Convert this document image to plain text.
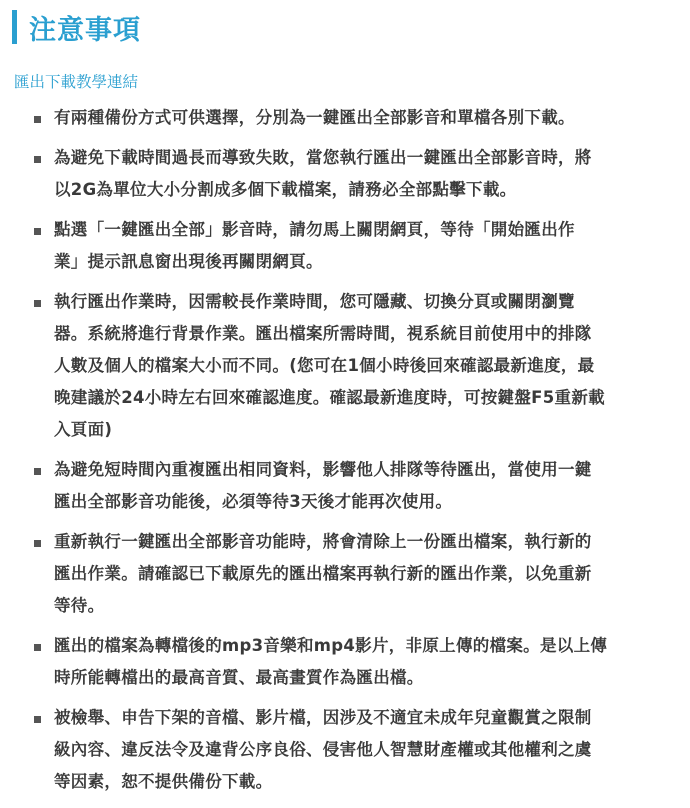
注意事項
匯出下載教學連結
有兩種備份方式可供選擇，分別為一鍵匯出全部影音和單檔各別下載。
為避免下載時間過長而導致失敗，當您執行匯出一鍵匯出全部影音時，將
以2G為單位大小分割成多個下載檔案，請務必全部點擊下載。
點選「一鍵匯出全部」影音時，請勿馬上關閉網頁，等待「開始匯出作
業」提示訊息窗出現後再關閉網頁。
執行匯出作業時，因需較長作業時間，您可隱藏、切換分頁或關閉瀏覽
器。系統將進行背景作業。匯出檔案所需時間，視系統目前使用中的排隊
人數及個人的檔案大小而不同。(您可在1個小時後回來確認最新進度，最
晚建議於24小時左右回來確認進度。確認最新進度時，可按鍵盤F5重新載
入頁面)
為避免短時間內重複匯出相同資料，影響他人排隊等待匯出，當使用一鍵
匯出全部影音功能後，必須等待3天後才能再次使用。
重新執行一鍵匯出全部影音功能時，將會清除上一份匯出檔案，執行新的
匯出作業。請確認已下載原先的匯出檔案再執行新的匯出作業，以免重新
等待。
匯出的檔案為轉檔後的mp3音樂和mp4影片，非原上傳的檔案。是以上傳
時所能轉檔出的最高音質、最高畫質作為匯出檔。
被檢舉、申告下架的音檔、影片檔，因涉及不適宜未成年兒童觀賞之限制
級內容、違反法令及違背公序良俗、侵害他人智慧財產權或其他權利之虞
等因素，恕不提供備份下載。
